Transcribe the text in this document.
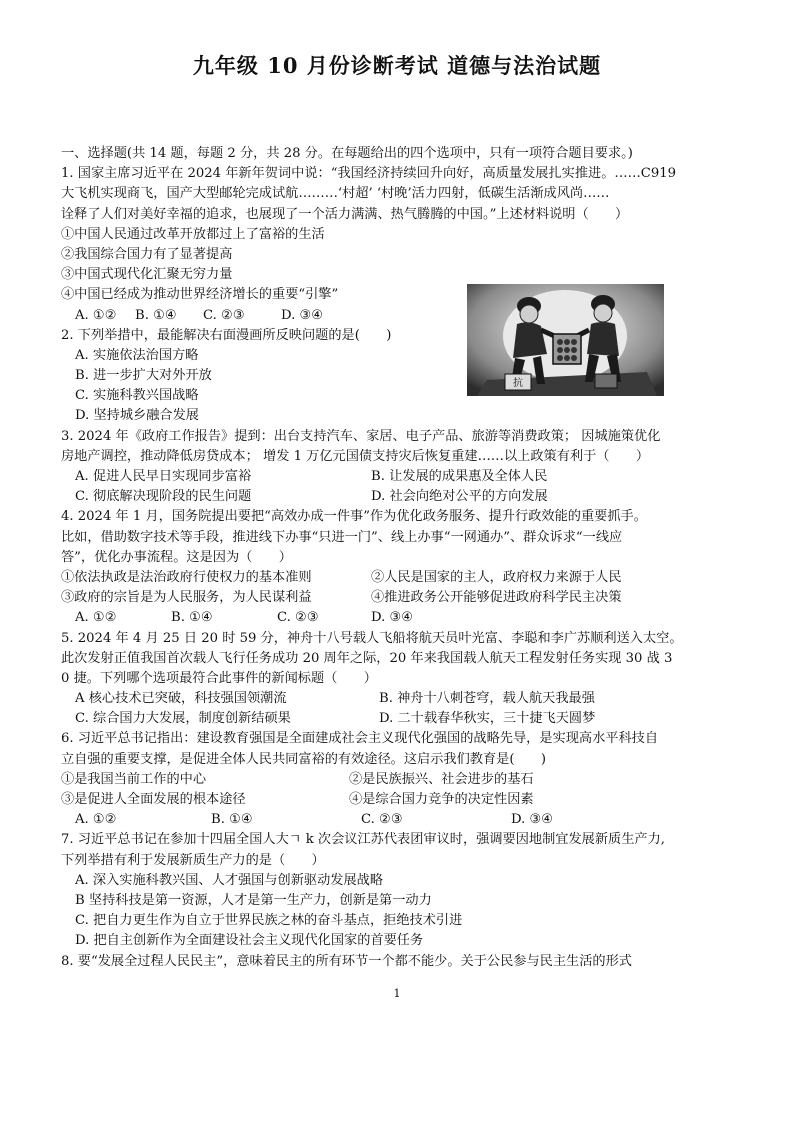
九年级 10 月份诊断考试 道德与法治试题
一、选择题(共 14 题，每题 2 分，共 28 分。在每题给出的四个选项中，只有一项符合题目要求。)
1. 国家主席习近平在 2024 年新年贺词中说：“我国经济持续回升向好，高质量发展扎实推进。……C919
大飞机实现商飞，国产大型邮轮完成试航………‘村超’ ‘村晚’活力四射，低碳生活渐成风尚……
诠释了人们对美好幸福的追求，也展现了一个活力满满、热气腾腾的中国。”上述材料说明（　　）
①中国人民通过改革开放都过上了富裕的生活
②我国综合国力有了显著提高
③中国式现代化汇聚无穷力量
④中国已经成为推动世界经济增长的重要“引擎”
A. ①② B. ①④ C. ②③	D. ③④
2. 下列举措中，最能解决右面漫画所反映问题的是(　　)
A. 实施依法治国方略
B. 进一步扩大对外开放
C. 实施科教兴国战略
D. 坚持城乡融合发展
3. 2024 年《政府工作报告》提到：出台支持汽车、家居、电子产品、旅游等消费政策； 因城施策优化
房地产调控，推动降低房贷成本； 增发 1 万亿元国债支持灾后恢复重建……以上政策有利于（　　）
A. 促进人民早日实现同步富裕	B. 让发展的成果惠及全体人民
C. 彻底解决现阶段的民生问题	D. 社会向绝对公平的方向发展
4. 2024 年 1 月，国务院提出要把“高效办成一件事”作为优化政务服务、提升行政效能的重要抓手。
比如，借助数字技术等手段，推进线下办事“只进一门”、线上办事“一网通办”、群众诉求“一线应
答”，优化办事流程。这是因为（　　）
①依法执政是法治政府行使权力的基本准则	②人民是国家的主人，政府权力来源于人民
③政府的宗旨是为人民服务，为人民谋利益	④推进政务公开能够促进政府科学民主决策
A. ①②	B. ①④	C. ②③	D. ③④
5. 2024 年 4 月 25 日 20 时 59 分，神舟十八号载人飞船将航天员叶光富、李聪和李广苏顺利送入太空。
此次发射正值我国首次载人飞行任务成功 20 周年之际，20 年来我国载人航天工程发射任务实现 30 战 3
0 捷。下列哪个选项最符合此事件的新闻标题（　　）
A 核心技术已突破，科技强国领潮流	B. 神舟十八刺苍穹，载人航天我最强
C. 综合国力大发展，制度创新结硕果	D. 二十载春华秋实，三十捷飞天圆梦
6. 习近平总书记指出：建设教育强国是全面建成社会主义现代化强国的战略先导，是实现高水平科技自
立自强的重要支撑，是促进全体人民共同富裕的有效途径。这启示我们教育是(　　)
①是我国当前工作的中心	②是民族振兴、社会进步的基石
③是促进人全面发展的根本途径	④是综合国力竞争的决定性因素
A. ①②	B. ①④	C. ②③	D. ③④
7. 习近平总书记在参加十四届全国人大ㄱ k 次会议江苏代表团审议时，强调要因地制宜发展新质生产力,
下列举措有利于发展新质生产力的是（　　）
A. 深入实施科教兴国、人才强国与创新驱动发展战略
B 坚持科技是第一资源，人才是第一生产力，创新是第一动力
C. 把自力更生作为自立于世界民族之林的奋斗基点，拒绝技术引进
D. 把自主创新作为全面建设社会主义现代化国家的首要任务
8. 要“发展全过程人民民主”，意味着民主的所有环节一个都不能少。关于公民参与民主生活的形式
抗
1
